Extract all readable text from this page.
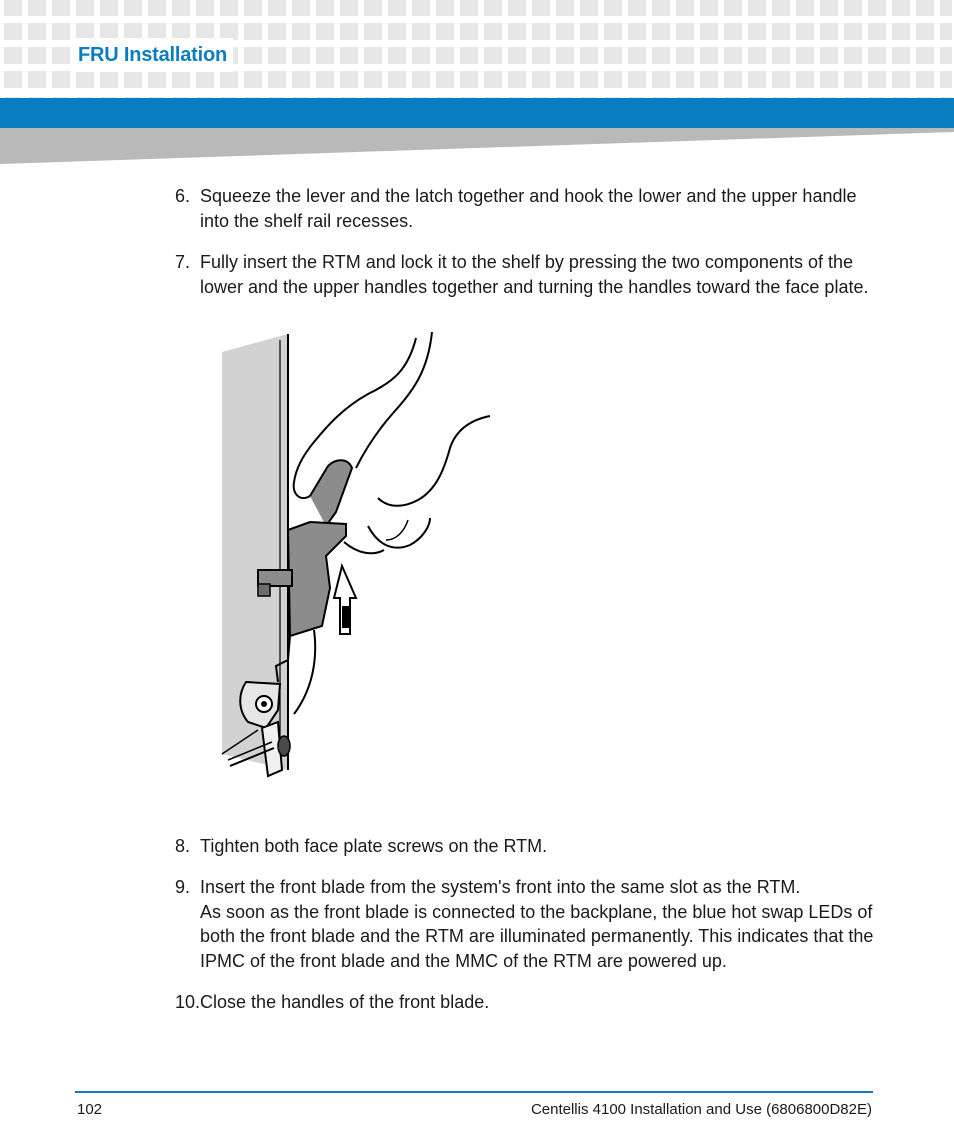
FRU Installation
6. Squeeze the lever and the latch together and hook the lower and the upper handle into the shelf rail recesses.
7. Fully insert the RTM and lock it to the shelf by pressing the two components of the lower and the upper handles together and turning the handles toward the face plate.
8. Tighten both face plate screws on the RTM.
9. Insert the front blade from the system's front into the same slot as the RTM.
As soon as the front blade is connected to the backplane, the blue hot swap LEDs of both the front blade and the RTM are illuminated permanently. This indicates that the IPMC of the front blade and the MMC of the RTM are powered up.
10.Close the handles of the front blade.
102	Centellis 4100 Installation and Use (6806800D82E)
